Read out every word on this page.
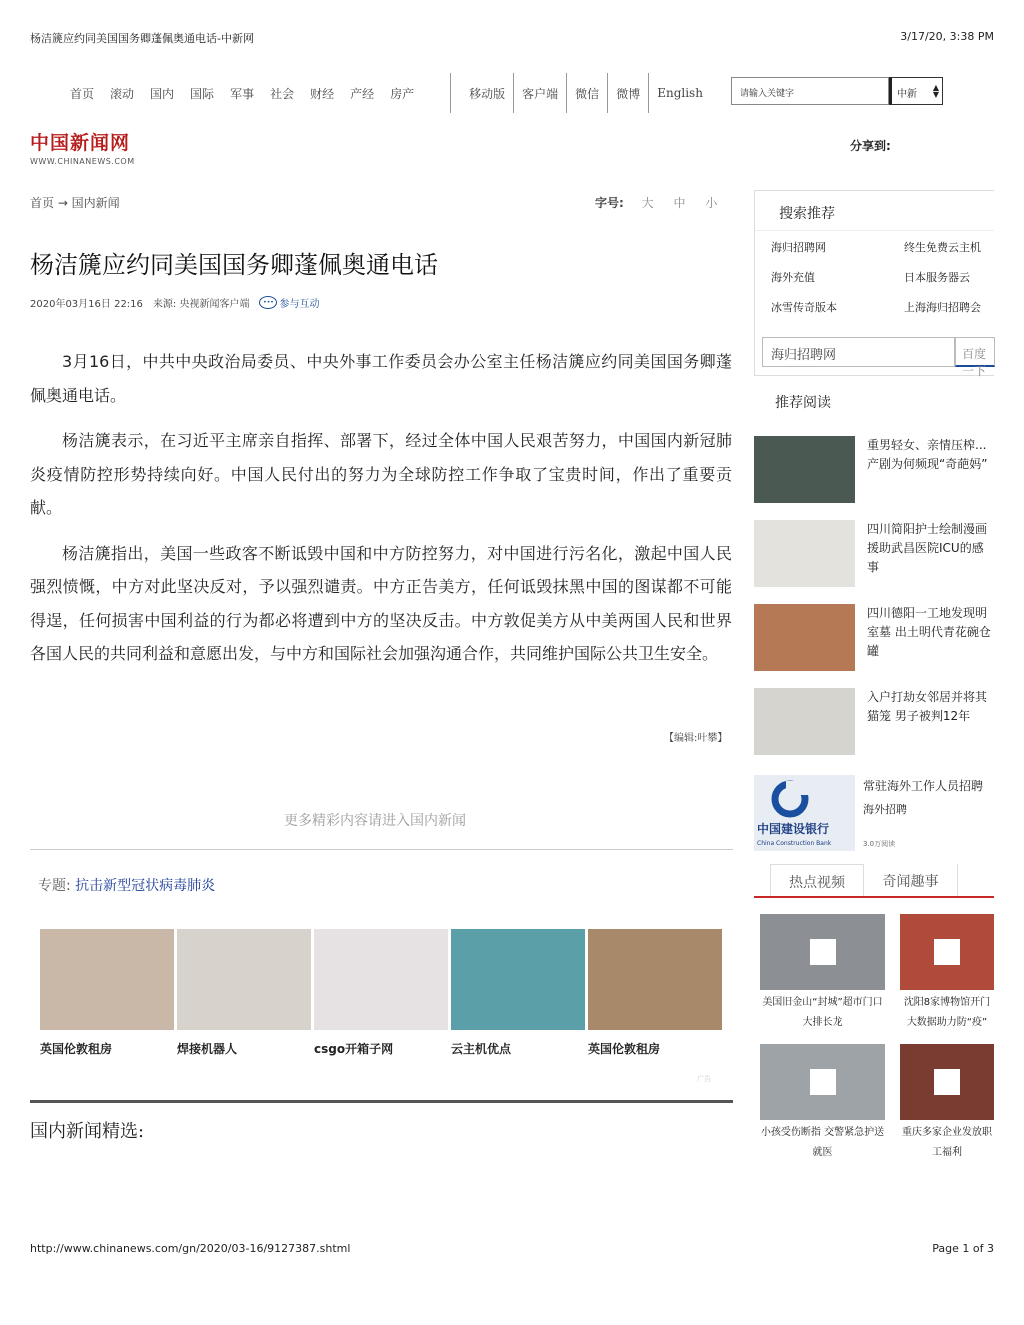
杨洁篪应约同美国国务卿蓬佩奥通电话-中新网	3/17/20, 3:38 PM
首页 滚动 国内 国际 军事 社会 财经 产经 房产	移动版	客户端	微信	微博	English	请输入关键字	中新
▲
▼
中国新闻网
WWW.CHINANEWS.COM
分享到:
首页 → 国内新闻	字号: 大 中 小
杨洁篪应约同美国国务卿蓬佩奥通电话
2020年03月16日 22:16 来源: 央视新闻客户端	••• 参与互动

3月16日，中共中央政治局委员、中央外事工作委员会办公室主任杨洁篪应约同美国国务卿蓬佩奥通电话。

杨洁篪表示，在习近平主席亲自指挥、部署下，经过全体中国人民艰苦努力，中国国内新冠肺炎疫情防控形势持续向好。中国人民付出的努力为全球防控工作争取了宝贵时间，作出了重要贡献。

杨洁篪指出，美国一些政客不断诋毁中国和中方防控努力，对中国进行污名化，激起中国人民强烈愤慨，中方对此坚决反对，予以强烈谴责。中方正告美方，任何诋毁抹黑中国的图谋都不可能得逞，任何损害中国利益的行为都必将遭到中方的坚决反击。中方敦促美方从中美两国人民和世界各国人民的共同利益和意愿出发，与中方和国际社会加强沟通合作，共同维护国际公共卫生安全。

【编辑:叶攀】
更多精彩内容请进入国内新闻
专题: 抗击新型冠状病毒肺炎
英国伦敦租房	焊接机器人	csgo开箱子网	云主机优点	英国伦敦租房
广告
国内新闻精选:
搜索推荐
海归招聘网	终生免费云主机
海外充值	日本服务器云
冰雪传奇版本	上海海归招聘会
海归招聘网	百度一下
推荐阅读
重男轻女、亲情压榨...产剧为何频现“奇葩妈”
四川简阳护士绘制漫画援助武昌医院ICU的感事
四川德阳一工地发现明室墓 出土明代青花碗仓罐
入户打劫女邻居并将其猫笼 男子被判12年
中国建设银行
China Construction Bank
常驻海外工作人员招聘
海外招聘
3.0万阅读
热点视频	奇闻趣事
美国旧金山“封城”超市门口大排长龙
沈阳8家博物馆开门大数据助力防“疫”
小孩受伤断指 交警紧急护送就医
重庆多家企业发放职工福利
http://www.chinanews.com/gn/2020/03-16/9127387.shtml	Page 1 of 3
